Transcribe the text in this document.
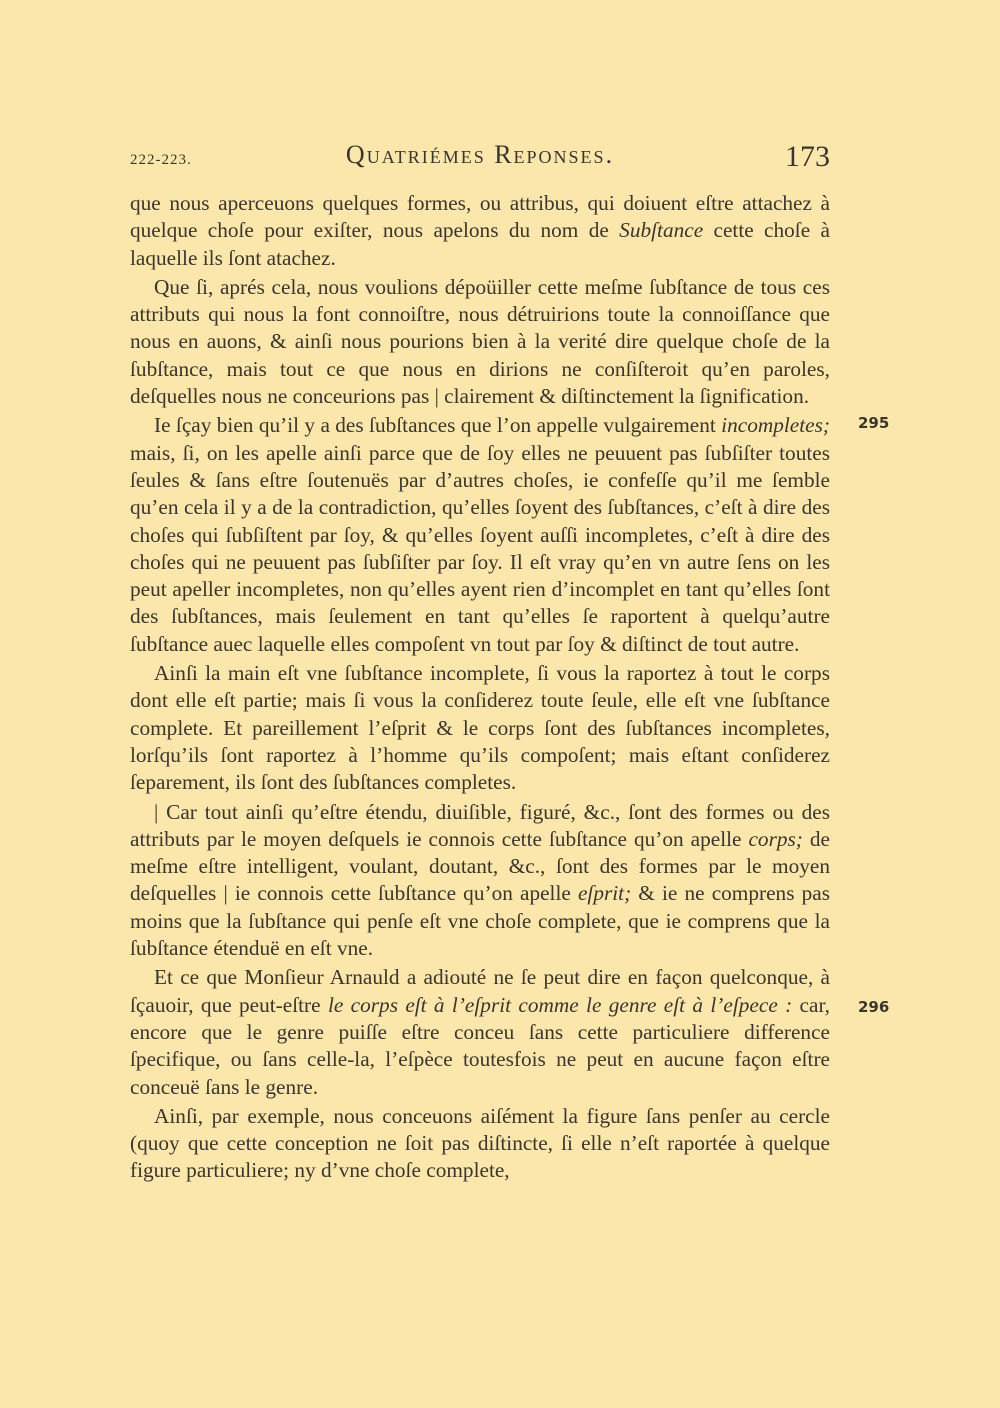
222-223.	Quatriémes Reponses.	173

que nous aperceuons quelques formes, ou attribus, qui doiuent eſtre attachez à quelque choſe pour exiſter, nous apelons du nom de Subſtance cette choſe à laquelle ils ſont atachez.

Que ſi, aprés cela, nous voulions dépoüiller cette meſme ſubſtance de tous ces attributs qui nous la font connoiſtre, nous détruirions toute la connoiſſance que nous en auons, & ainſi nous pourions bien à la verité dire quelque choſe de la ſubſtance, mais tout ce que nous en dirions ne conſiſteroit qu’en paroles, deſquelles nous ne conceurions pas | clairement & diſtinctement la ſignification.

Ie ſçay bien qu’il y a des ſubſtances que l’on appelle vulgairement incompletes; mais, ſi, on les apelle ainſi parce que de ſoy elles ne peuuent pas ſubſiſter toutes ſeules & ſans eſtre ſoutenuës par d’autres choſes, ie confeſſe qu’il me ſemble qu’en cela il y a de la contradiction, qu’elles ſoyent des ſubſtances, c’eſt à dire des choſes qui ſubſiſtent par ſoy, & qu’elles ſoyent auſſi incompletes, c’eſt à dire des choſes qui ne peuuent pas ſubſiſter par ſoy. Il eſt vray qu’en vn autre ſens on les peut apeller incompletes, non qu’elles ayent rien d’incomplet en tant qu’elles ſont des ſubſtances, mais ſeulement en tant qu’elles ſe raportent à quelqu’autre ſubſtance auec laquelle elles compoſent vn tout par ſoy & diſtinct de tout autre.

Ainſi la main eſt vne ſubſtance incomplete, ſi vous la raportez à tout le corps dont elle eſt partie; mais ſi vous la conſiderez toute ſeule, elle eſt vne ſubſtance complete. Et pareillement l’eſprit & le corps ſont des ſubſtances incompletes, lorſqu’ils ſont raportez à l’homme qu’ils compoſent; mais eſtant conſiderez ſeparement, ils ſont des ſubſtances completes.

| Car tout ainſi qu’eſtre étendu, diuiſible, figuré, &c., ſont des formes ou des attributs par le moyen deſquels ie connois cette ſubſtance qu’on apelle corps; de meſme eſtre intelligent, voulant, doutant, &c., ſont des formes par le moyen deſquelles | ie connois cette ſubſtance qu’on apelle eſprit; & ie ne comprens pas moins que la ſubſtance qui penſe eſt vne choſe complete, que ie comprens que la ſubſtance étenduë en eſt vne.

Et ce que Monſieur Arnauld a adiouté ne ſe peut dire en façon quelconque, à ſçauoir, que peut-eſtre le corps eſt à l’eſprit comme le genre eſt à l’eſpece : car, encore que le genre puiſſe eſtre conceu ſans cette particuliere difference ſpecifique, ou ſans celle-la, l’eſpèce toutesfois ne peut en aucune façon eſtre conceuë ſans le genre.

Ainſi, par exemple, nous conceuons aiſément la figure ſans penſer au cercle (quoy que cette conception ne ſoit pas diſtincte, ſi elle n’eſt raportée à quelque figure particuliere; ny d’vne choſe complete,

295
296
